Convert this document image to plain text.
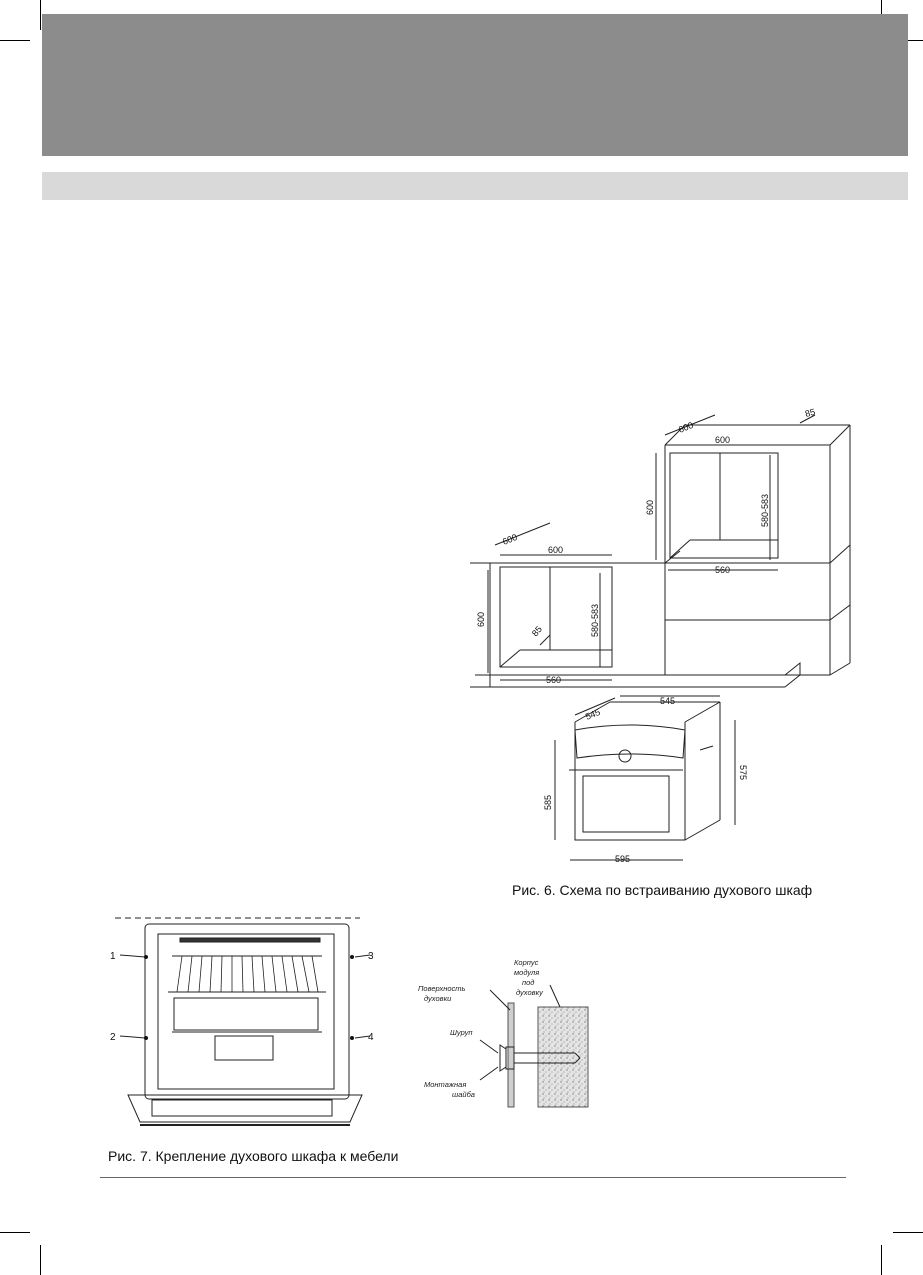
600
600
600	580-583
85
560
600
600
85
600	580-583
560
545
545
575
585
595
Рис. 6. Схема по встраиванию духового шкаф
1
2
3
4
Корпус
модуля
под
духовку
Поверхность
духовки
Шуруп
Монтажная
шайба
Рис. 7. Крепление духового шкафа к мебели
